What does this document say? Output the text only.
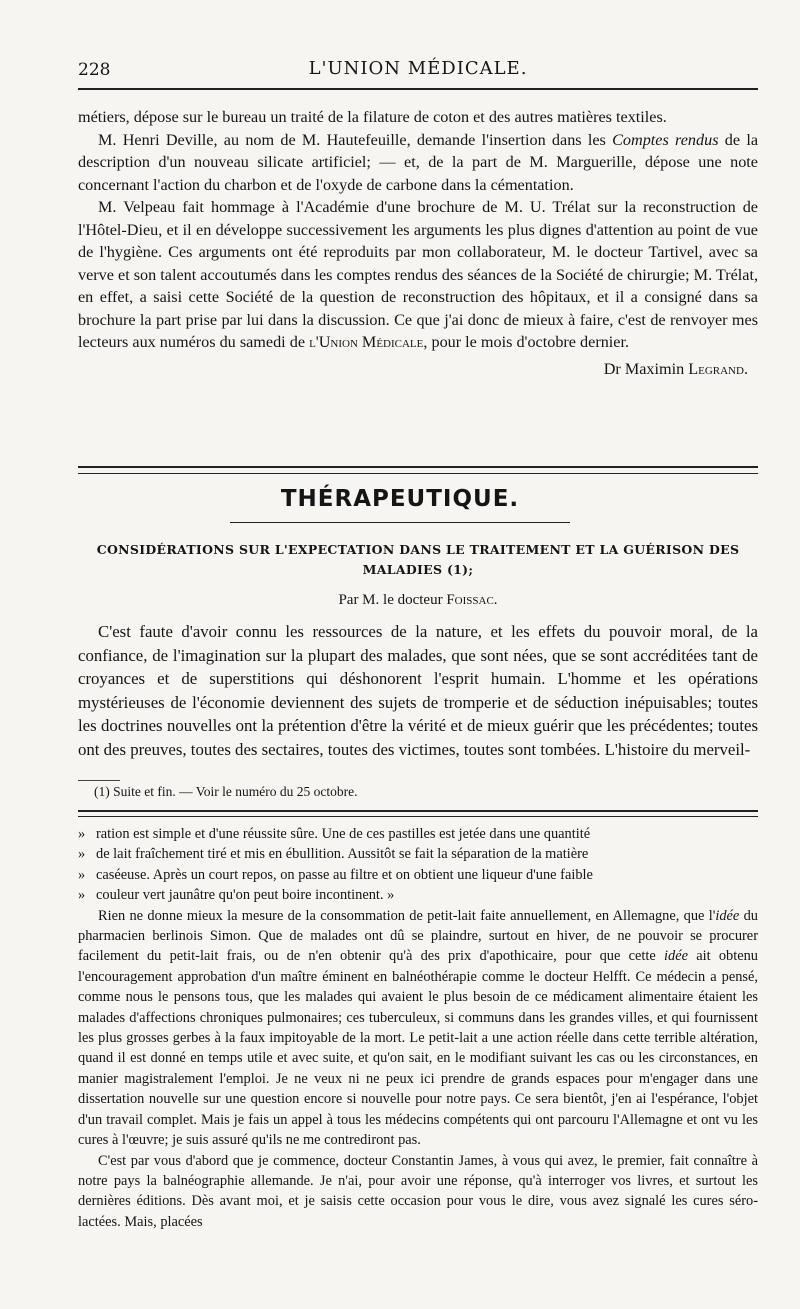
228	L'UNION MÉDICALE.

métiers, dépose sur le bureau un traité de la filature de coton et des autres matières textiles.

M. Henri Deville, au nom de M. Hautefeuille, demande l'insertion dans les Comptes rendus de la description d'un nouveau silicate artificiel; — et, de la part de M. Marguerille, dépose une note concernant l'action du charbon et de l'oxyde de carbone dans la cémentation.

M. Velpeau fait hommage à l'Académie d'une brochure de M. U. Trélat sur la reconstruction de l'Hôtel-Dieu, et il en développe successivement les arguments les plus dignes d'attention au point de vue de l'hygiène. Ces arguments ont été reproduits par mon collaborateur, M. le docteur Tartivel, avec sa verve et son talent accoutumés dans les comptes rendus des séances de la Société de chirurgie; M. Trélat, en effet, a saisi cette Société de la question de reconstruction des hôpitaux, et il a consigné dans sa brochure la part prise par lui dans la discussion. Ce que j'ai donc de mieux à faire, c'est de renvoyer mes lecteurs aux numéros du samedi de l'Union Médicale, pour le mois d'octobre dernier.

Dr Maximin Legrand.
THÉRAPEUTIQUE.
CONSIDÉRATIONS SUR L'EXPECTATION DANS LE TRAITEMENT ET LA GUÉRISON DES
MALADIES (1);
Par M. le docteur Foissac.

C'est faute d'avoir connu les ressources de la nature, et les effets du pouvoir moral, de la confiance, de l'imagination sur la plupart des malades, que sont nées, que se sont accréditées tant de croyances et de superstitions qui déshonorent l'esprit humain. L'homme et les opérations mystérieuses de l'économie deviennent des sujets de tromperie et de séduction inépuisables; toutes les doctrines nouvelles ont la prétention d'être la vérité et de mieux guérir que les précédentes; toutes ont des preuves, toutes des sectaires, toutes des victimes, toutes sont tombées. L'histoire du merveil-

(1) Suite et fin. — Voir le numéro du 25 octobre.

» ration est simple et d'une réussite sûre. Une de ces pastilles est jetée dans une quantité

» de lait fraîchement tiré et mis en ébullition. Aussitôt se fait la séparation de la matière

» caséeuse. Après un court repos, on passe au filtre et on obtient une liqueur d'une faible

» couleur vert jaunâtre qu'on peut boire incontinent. »

Rien ne donne mieux la mesure de la consommation de petit-lait faite annuellement, en Allemagne, que l'idée du pharmacien berlinois Simon. Que de malades ont dû se plaindre, surtout en hiver, de ne pouvoir se procurer facilement du petit-lait frais, ou de n'en obtenir qu'à des prix d'apothicaire, pour que cette idée ait obtenu l'encouragement approbation d'un maître éminent en balnéothérapie comme le docteur Helfft. Ce médecin a pensé, comme nous le pensons tous, que les malades qui avaient le plus besoin de ce médicament alimentaire étaient les malades d'affections chroniques pulmonaires; ces tuberculeux, si communs dans les grandes villes, et qui fournissent les plus grosses gerbes à la faux impitoyable de la mort. Le petit-lait a une action réelle dans cette terrible altération, quand il est donné en temps utile et avec suite, et qu'on sait, en le modifiant suivant les cas ou les circonstances, en manier magistralement l'emploi. Je ne veux ni ne peux ici prendre de grands espaces pour m'engager dans une dissertation nouvelle sur une question encore si nouvelle pour notre pays. Ce sera bientôt, j'en ai l'espérance, l'objet d'un travail complet. Mais je fais un appel à tous les médecins compétents qui ont parcouru l'Allemagne et ont vu les cures à l'œuvre; je suis assuré qu'ils ne me contrediront pas.

C'est par vous d'abord que je commence, docteur Constantin James, à vous qui avez, le premier, fait connaître à notre pays la balnéographie allemande. Je n'ai, pour avoir une réponse, qu'à interroger vos livres, et surtout les dernières éditions. Dès avant moi, et je saisis cette occasion pour vous le dire, vous avez signalé les cures séro-lactées. Mais, placées
